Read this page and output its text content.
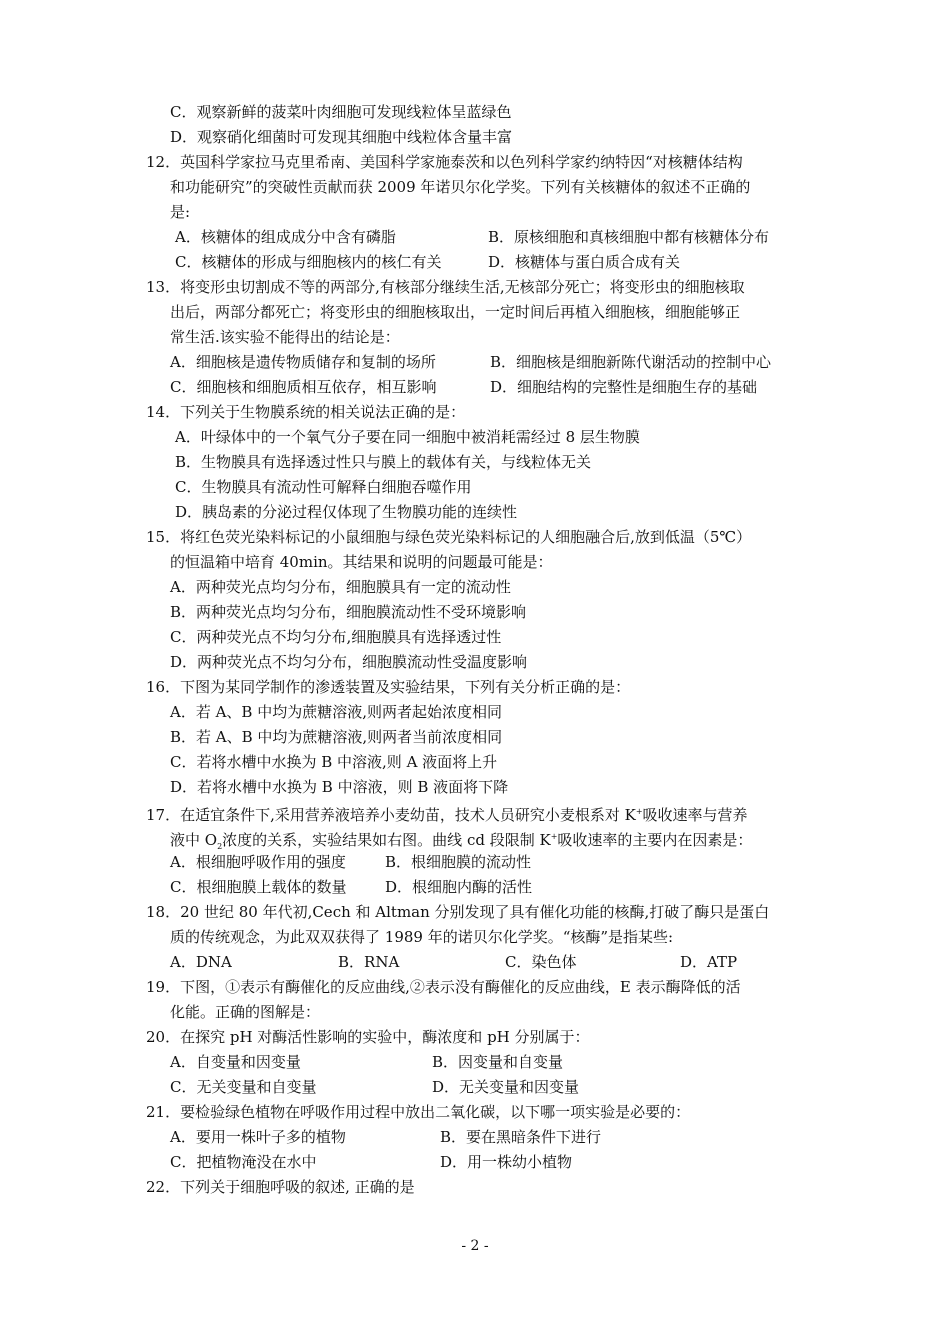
C．观察新鲜的菠菜叶肉细胞可发现线粒体呈蓝绿色
D．观察硝化细菌时可发现其细胞中线粒体含量丰富
12．英国科学家拉马克里希南、美国科学家施泰茨和以色列科学家约纳特因“对核糖体结构
和功能研究”的突破性贡献而获 2009 年诺贝尔化学奖。下列有关核糖体的叙述不正确的
是:
A．核糖体的组成成分中含有磷脂	B．原核细胞和真核细胞中都有核糖体分布
C．核糖体的形成与细胞核内的核仁有关	D．核糖体与蛋白质合成有关
13．将变形虫切割成不等的两部分,有核部分继续生活,无核部分死亡；将变形虫的细胞核取
出后，两部分都死亡；将变形虫的细胞核取出，一定时间后再植入细胞核，细胞能够正
常生活.该实验不能得出的结论是：
A．细胞核是遗传物质储存和复制的场所	B．细胞核是细胞新陈代谢活动的控制中心
C．细胞核和细胞质相互依存，相互影响	D．细胞结构的完整性是细胞生存的基础
14．下列关于生物膜系统的相关说法正确的是：
A．叶绿体中的一个氧气分子要在同一细胞中被消耗需经过 8 层生物膜
B．生物膜具有选择透过性只与膜上的载体有关，与线粒体无关
C．生物膜具有流动性可解释白细胞吞噬作用
D．胰岛素的分泌过程仅体现了生物膜功能的连续性
15．将红色荧光染料标记的小鼠细胞与绿色荧光染料标记的人细胞融合后,放到低温（5℃）
的恒温箱中培育 40min。其结果和说明的问题最可能是：
A．两种荧光点均匀分布，细胞膜具有一定的流动性
B．两种荧光点均匀分布，细胞膜流动性不受环境影响
C．两种荧光点不均匀分布,细胞膜具有选择透过性
D．两种荧光点不均匀分布，细胞膜流动性受温度影响
16．下图为某同学制作的渗透装置及实验结果，下列有关分析正确的是：
A．若 A、B 中均为蔗糖溶液,则两者起始浓度相同
B．若 A、B 中均为蔗糖溶液,则两者当前浓度相同
C．若将水槽中水换为 B 中溶液,则 A 液面将上升
D．若将水槽中水换为 B 中溶液，则 B 液面将下降
17．在适宜条件下,采用营养液培养小麦幼苗，技术人员研究小麦根系对 K+吸收速率与营养
液中 $O_2$浓度的关系，实验结果如右图。曲线 cd 段限制 K+吸收速率的主要内在因素是：
A．根细胞呼吸作用的强度	B．根细胞膜的流动性
C．根细胞膜上载体的数量	D．根细胞内酶的活性
18．20 世纪 80 年代初,Cech 和 Altman 分别发现了具有催化功能的核酶,打破了酶只是蛋白
质的传统观念，为此双双获得了 1989 年的诺贝尔化学奖。“核酶”是指某些:
A．DNA	B．RNA	C．染色体	D．ATP
19．下图，①表示有酶催化的反应曲线,②表示没有酶催化的反应曲线，E 表示酶降低的活
化能。正确的图解是：
20．在探究 pH 对酶活性影响的实验中，酶浓度和 pH 分别属于：
A．自变量和因变量	B．因变量和自变量
C．无关变量和自变量	D．无关变量和因变量
21．要检验绿色植物在呼吸作用过程中放出二氧化碳，以下哪一项实验是必要的：
A．要用一株叶子多的植物	B．要在黑暗条件下进行
C．把植物淹没在水中	D．用一株幼小植物
22．下列关于细胞呼吸的叙述, 正确的是
- 2 -
